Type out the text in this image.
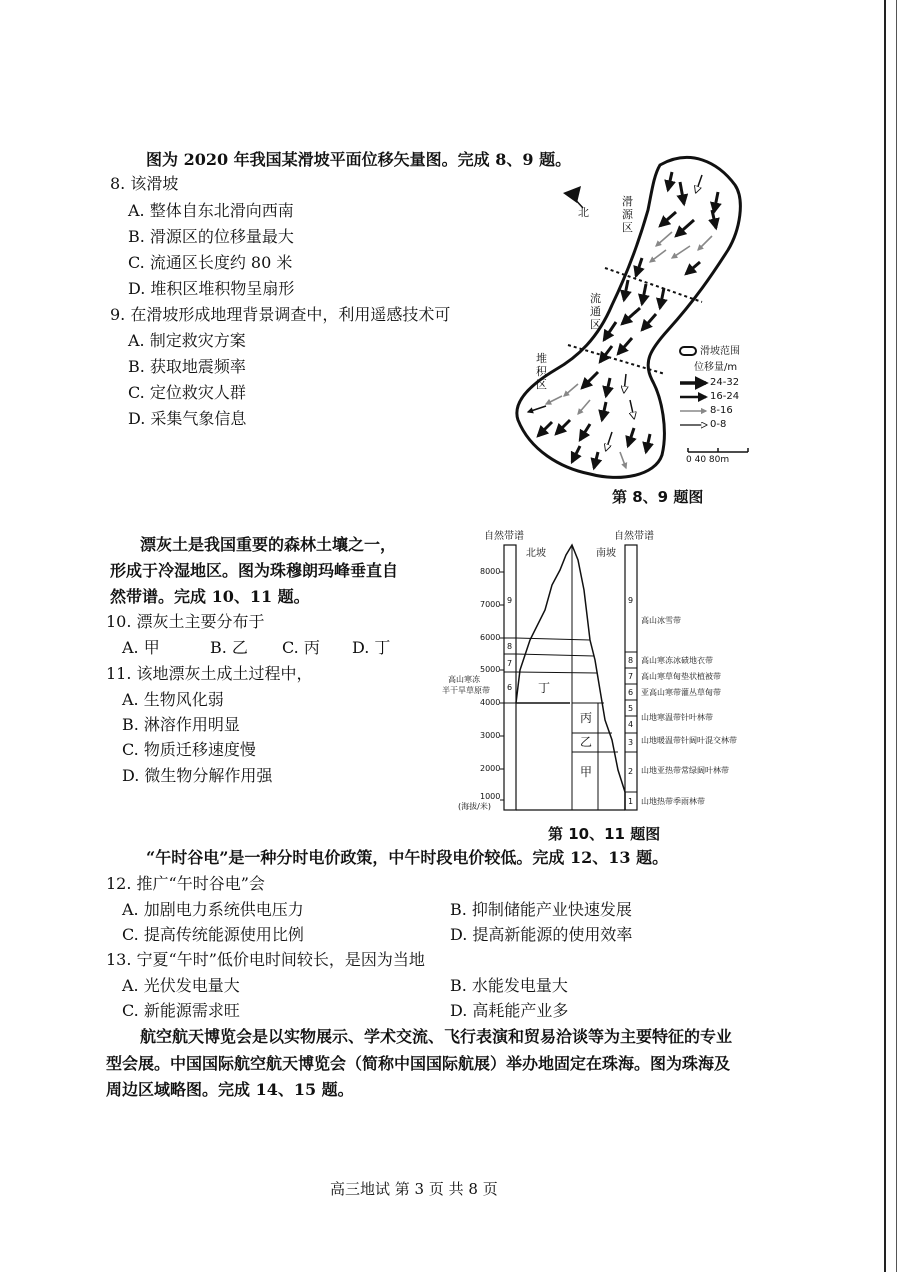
图为 2020 年我国某滑坡平面位移矢量图。完成 8、9 题。
8. 该滑坡
A. 整体自东北滑向西南
B. 滑源区的位移量最大
C. 流通区长度约 80 米
D. 堆积区堆积物呈扇形
9. 在滑坡形成地理背景调查中，利用遥感技术可
A. 制定救灾方案
B. 获取地震频率
C. 定位救灾人群
D. 采集气象信息
北
滑源区
流通区
堆积区
滑坡范围
位移量/m
24-32
16-24
8-16
0-8
0 40 80m
第 8、9 题图
漂灰土是我国重要的森林土壤之一，
形成于冷湿地区。图为珠穆朗玛峰垂直自
然带谱。完成 10、11 题。
10. 漂灰土主要分布于
A. 甲	B. 乙 C. 丙 D. 丁
11. 该地漂灰土成土过程中，
A. 生物风化弱
B. 淋溶作用明显
C. 物质迁移速度慢
D. 微生物分解作用强
自然带谱	自然带谱
北坡	南坡
8000
7000
6000
5000
4000
3000
2000
1000
(海拔/米)
9
8
7
6
高山寒冻
半干旱草原带
9
8
7
6
5
4
3
2
1
高山冰雪带
高山寒冻冰碛地衣带
高山寒草甸垫状植被带
亚高山寒带灌丛草甸带
山地寒温带针叶林带
山地暖温带针阔叶混交林带
山地亚热带常绿阔叶林带
山地热带季雨林带
丁
丙
乙
甲
第 10、11 题图
“午时谷电”是一种分时电价政策，中午时段电价较低。完成 12、13 题。
12. 推广“午时谷电”会
A. 加剧电力系统供电压力	B. 抑制储能产业快速发展
C. 提高传统能源使用比例	D. 提高新能源的使用效率
13. 宁夏“午时”低价电时间较长，是因为当地
A. 光伏发电量大	B. 水能发电量大
C. 新能源需求旺	D. 高耗能产业多
航空航天博览会是以实物展示、学术交流、飞行表演和贸易洽谈等为主要特征的专业
型会展。中国国际航空航天博览会（简称中国国际航展）举办地固定在珠海。图为珠海及
周边区域略图。完成 14、15 题。
高三地试 第 3 页 共 8 页
